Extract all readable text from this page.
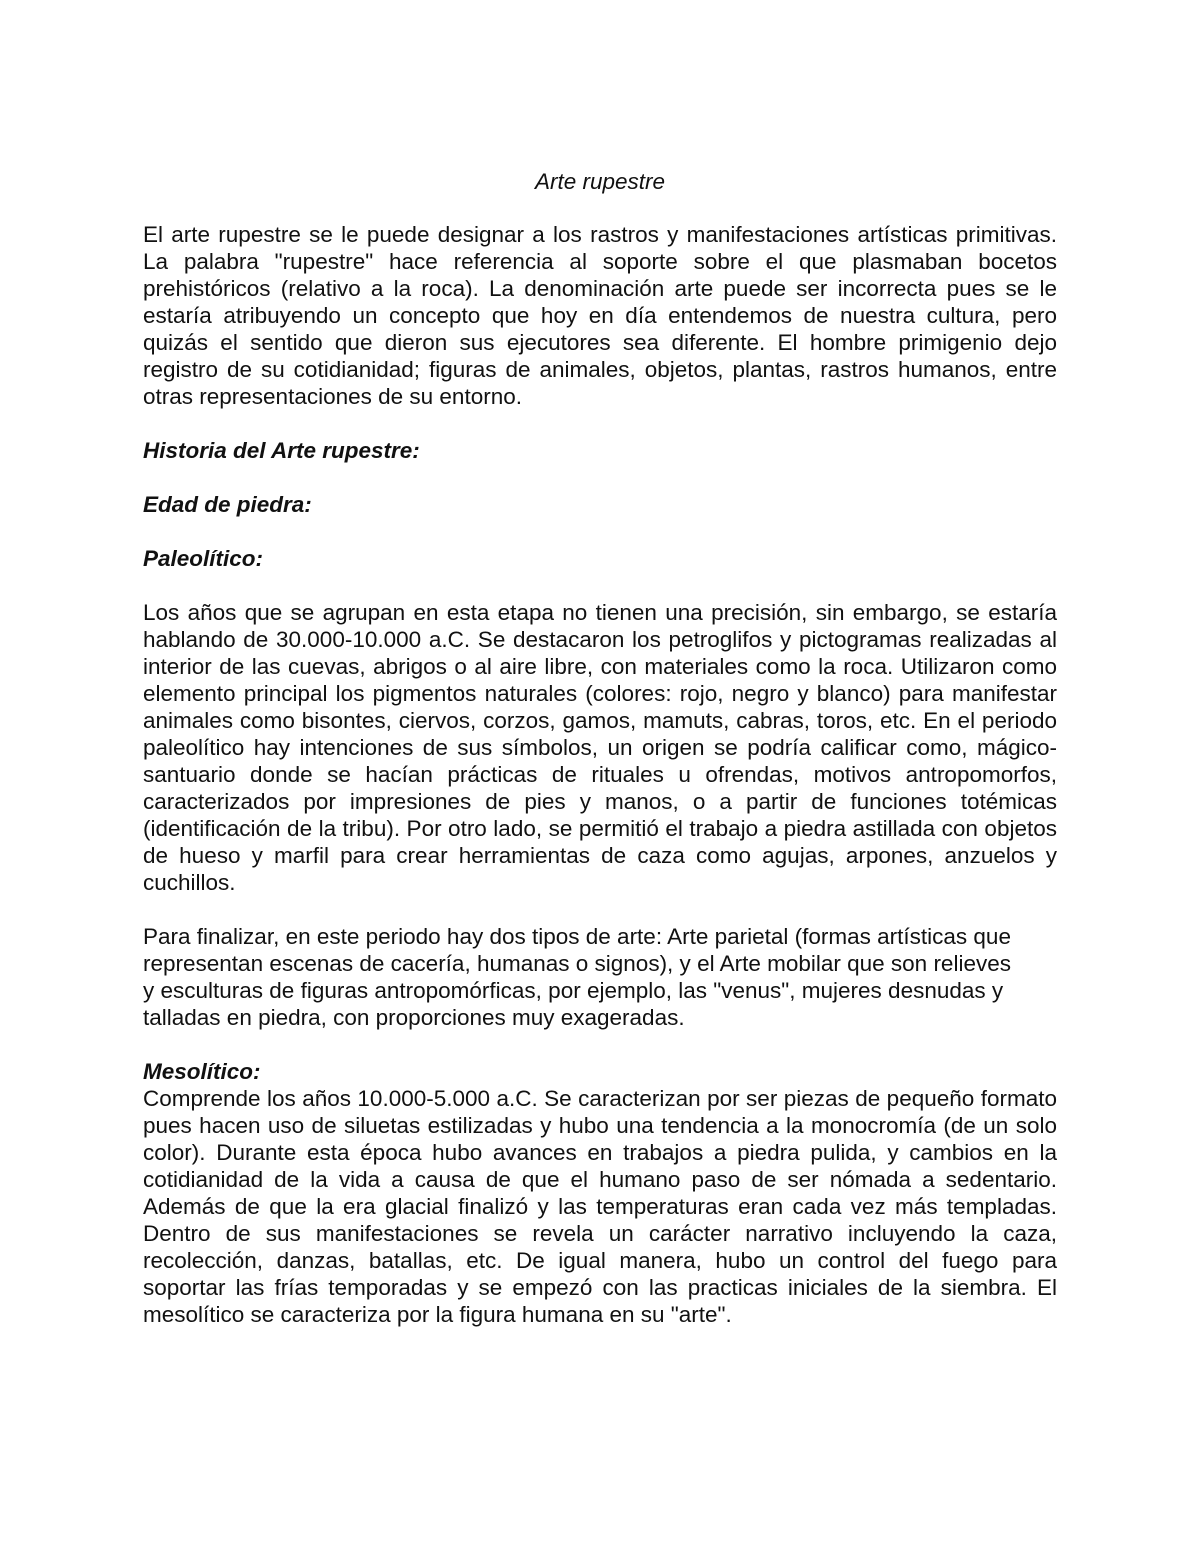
Arte rupestre

El arte rupestre se le puede designar a los rastros y manifestaciones artísticas primitivas. La palabra "rupestre" hace referencia al soporte sobre el que plasmaban bocetos prehistóricos (relativo a la roca). La denominación arte puede ser incorrecta pues se le estaría atribuyendo un concepto que hoy en día entendemos de nuestra cultura, pero quizás el sentido que dieron sus ejecutores sea diferente. El hombre primigenio dejo registro de su cotidianidad; figuras de animales, objetos, plantas, rastros humanos, entre otras representaciones de su entorno.

Historia del Arte rupestre:
Edad de piedra:
Paleolítico:

Los años que se agrupan en esta etapa no tienen una precisión, sin embargo, se estaría hablando de 30.000-10.000 a.C. Se destacaron los petroglifos y pictogramas realizadas al interior de las cuevas, abrigos o al aire libre, con materiales como la roca. Utilizaron como elemento principal los pigmentos naturales (colores: rojo, negro y blanco) para manifestar animales como bisontes, ciervos, corzos, gamos, mamuts, cabras, toros, etc. En el periodo paleolítico hay intenciones de sus símbolos, un origen se podría calificar como, mágico-santuario donde se hacían prácticas de rituales u ofrendas, motivos antropomorfos, caracterizados por impresiones de pies y manos, o a partir de funciones totémicas (identificación de la tribu). Por otro lado, se permitió el trabajo a piedra astillada con objetos de hueso y marfil para crear herramientas de caza como agujas, arpones, anzuelos y cuchillos.

Para finalizar, en este periodo hay dos tipos de arte: Arte parietal (formas artísticas que
representan escenas de cacería, humanas o signos), y el Arte mobilar que son relieves
y esculturas de figuras antropomórficas, por ejemplo, las "venus", mujeres desnudas y
talladas en piedra, con proporciones muy exageradas.

Mesolítico:

Comprende los años 10.000-5.000 a.C. Se caracterizan por ser piezas de pequeño formato pues hacen uso de siluetas estilizadas y hubo una tendencia a la monocromía (de un solo color). Durante esta época hubo avances en trabajos a piedra pulida, y cambios en la cotidianidad de la vida a causa de que el humano paso de ser nómada a sedentario. Además de que la era glacial finalizó y las temperaturas eran cada vez más templadas. Dentro de sus manifestaciones se revela un carácter narrativo incluyendo la caza, recolección, danzas, batallas, etc. De igual manera, hubo un control del fuego para soportar las frías temporadas y se empezó con las practicas iniciales de la siembra. El mesolítico se caracteriza por la figura humana en su "arte".
